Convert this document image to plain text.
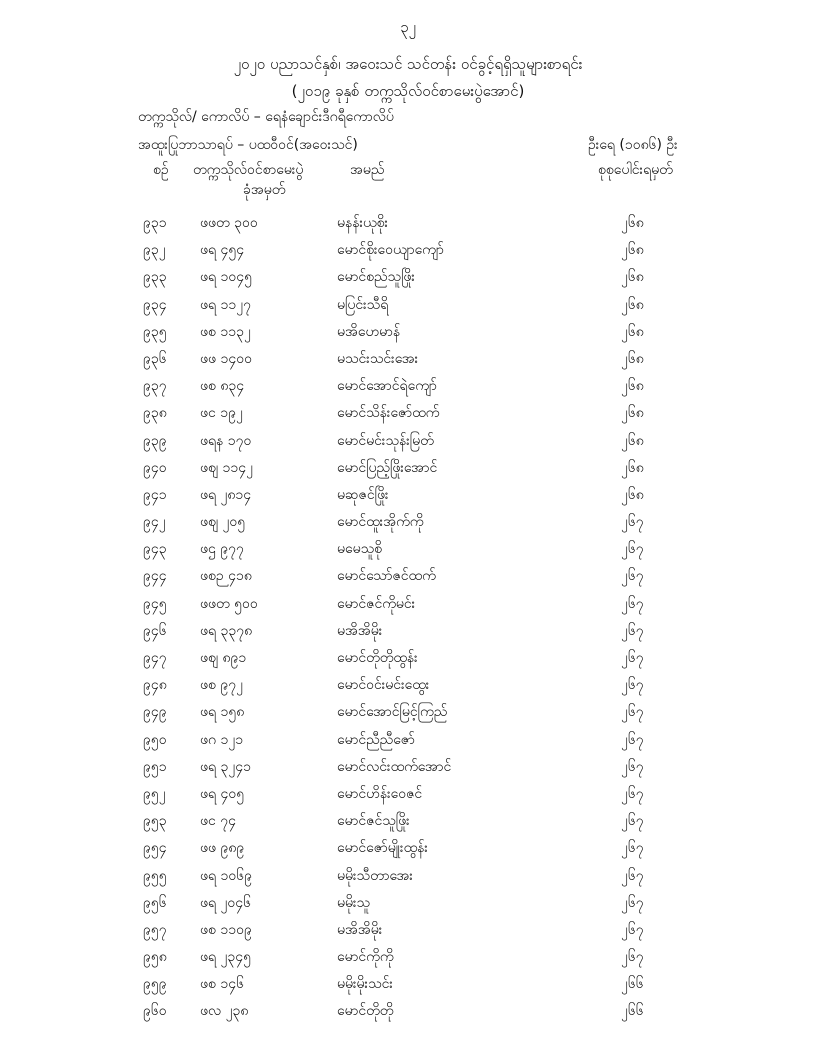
၃၂
၂၀၂၀ ပညာသင်နှစ်၊ အဝေးသင် သင်တန်း ဝင်ခွင့်ရရှိသူများစာရင်း
(၂၀၁၉ ခုနှစ် တက္ကသိုလ်ဝင်စာမေးပွဲအောင်)
တက္ကသိုလ်/ ကောလိပ် – ရေနံချောင်းဒီဂရီကောလိပ်
အထူးပြုဘာသာရပ် – ပထဝီဝင်(အဝေးသင်)	ဦးရေ (၁၀၈၆) ဦး
စဉ် တက္ကသိုလ်ဝင်စာမေးပွဲ
ခုံအမှတ်
အမည်	စုစုပေါင်းရမှတ်
၉၃၁ ဖဖတ ၃၀၀	မနန်းယုစိုး	၂၆၈
၉၃၂ ဖရ ၄၅၄	မောင်စိုးဝေယျာကျော်	၂၆၈
၉၃၃ ဖရ ၁၀၄၅	မောင်စည်သူဖြိုး	၂၆၈
၉၃၄ ဖရ ၁၁၂၇	မပြင်းသီရိ	၂၆၈
၉၃၅ ဖစ ၁၁၃၂	မအိဟေမာန်	၂၆၈
၉၃၆ ဖဖ ၁၄၀၀	မသင်းသင်းအေး	၂၆၈
၉၃၇ ဖစ ၈၃၄	မောင်အောင်ရဲကျော်	၂၆၈
၉၃၈ ဖင ၁၉၂	မောင်သိန်းဇော်ထက်	၂၆၈
၉၃၉ ဖရန ၁၇၀	မောင်မင်းသုန်းမြတ်	၂၆၈
၉၄၀ ဖစျ ၁၁၄၂	မောင်ပြည့်ဖြိုးအောင်	၂၆၈
၉၄၁ ဖရ ၂၈၁၄	မဆုဇင်ဖြိုး	၂၆၈
၉၄၂ ဖစျ ၂၀၅	မောင်ထူးအိုက်ကို	၂၆၇
၉၄၃ ဖဌ ၉၇၇	မမေသူစို	၂၆၇
၉၄၄ ဖစဉ ၄၁၈	မောင်သော်ဇင်ထက်	၂၆၇
၉၄၅ ဖဖတ ၅၀၀	မောင်ဇင်ကိုမင်း	၂၆၇
၉၄၆ ဖရ ၃၃၇၈	မအိအိမိုး	၂၆၇
၉၄၇ ဖစျ ၈၉၁	မောင်တိုတိုထွန်း	၂၆၇
၉၄၈ ဖစ ၉၇၂	မောင်ဝင်းမင်းထွေး	၂၆၇
၉၄၉ ဖရ ၁၅၈	မောင်အောင်မြင့်ကြည်	၂၆၇
၉၅၀ ဖဂ ၁၂၁	မောင်ညီညီဇော်	၂၆၇
၉၅၁ ဖရ ၃၂၄၁	မောင်လင်းထက်အောင်	၂၆၇
၉၅၂ ဖရ ၄၀၅	မောင်ဟိန်းဝေဇင်	၂၆၇
၉၅၃ ဖင ၇၄	မောင်ဇင်သူဖြိုး	၂၆၇
၉၅၄ ဖဖ ၉၈၉	မောင်ဇော်မျိုးထွန်း	၂၆၇
၉၅၅ ဖရ ၁၀၆၉	မမိုးသီတာအေး	၂၆၇
၉၅၆ ဖရ ၂၀၄၆	မမိုးသူ	၂၆၇
၉၅၇ ဖစ ၁၁၀၉	မအိအိမိုး	၂၆၇
၉၅၈ ဖရ ၂၃၄၅	မောင်ကိုကို	၂၆၇
၉၅၉ ဖစ ၁၄၆	မမိုးမိုးသင်း	၂၆၆
၉၆၀ ဖလ ၂၃၈	မောင်တိုတို	၂၆၆
